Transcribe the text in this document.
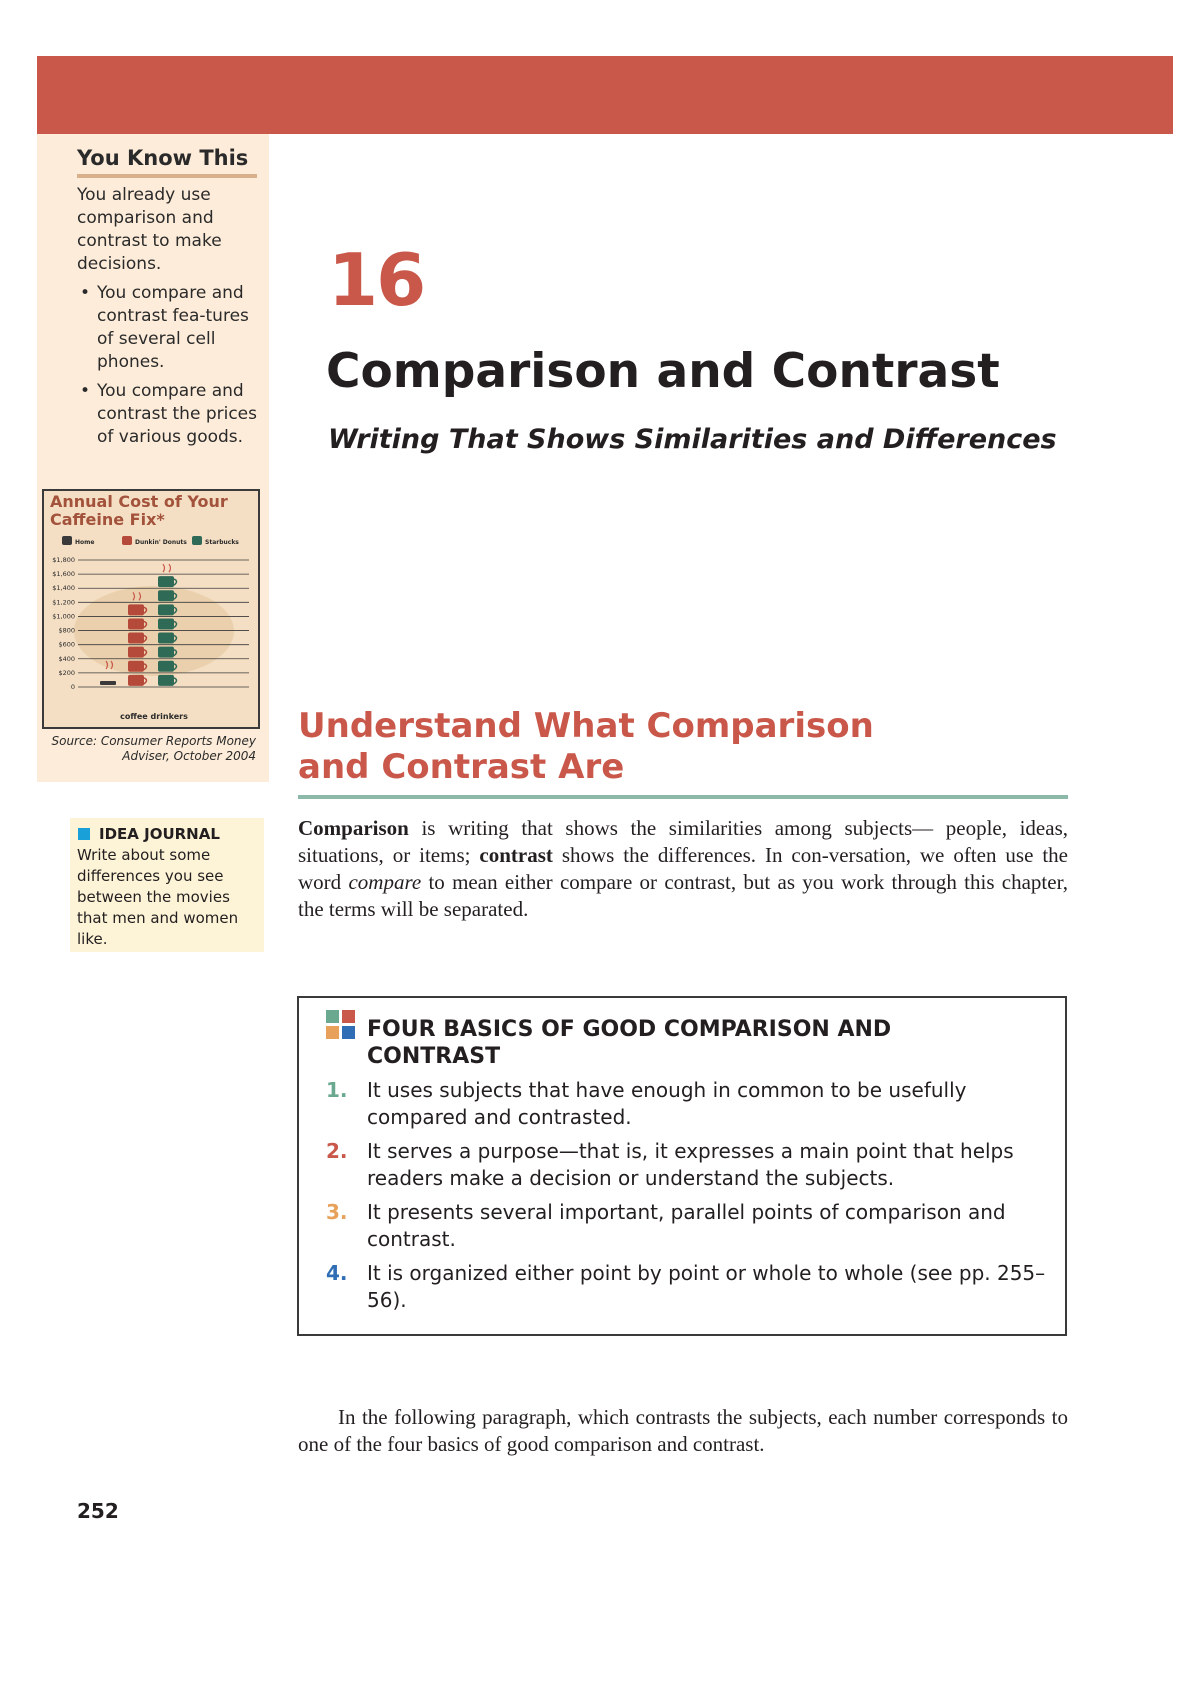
You Know This

You already use comparison and contrast to make decisions.

• You compare and contrast fea-tures of several cell phones.
• You compare and contrast the prices of various goods.
Home	Dunkin' Donuts	Starbucks
$1,800
$1,600
$1,400
$1,200
$1,000
$800
$600
$400
$200
0
coffee drinkers
Annual Cost of Your Caffeine Fix*
Source: Consumer Reports Money Adviser, October 2004
IDEA JOURNAL

Write about some differences you see between the movies that men and women like.

16
Comparison and Contrast
Writing That Shows Similarities and Differences
Understand What Comparison and Contrast Are

Comparison is writing that shows the similarities among subjects— people, ideas, situations, or items; contrast shows the differences. In con-versation, we often use the word compare to mean either compare or contrast, but as you work through this chapter, the terms will be separated.

FOUR BASICS OF GOOD COMPARISON AND CONTRAST

1. It uses subjects that have enough in common to be usefully compared and contrasted.
2. It serves a purpose—that is, it expresses a main point that helps readers make a decision or understand the subjects.
3. It presents several important, parallel points of comparison and contrast.
4. It is organized either point by point or whole to whole (see pp. 255–56).

In the following paragraph, which contrasts the subjects, each number corresponds to one of the four basics of good comparison and contrast.

252
